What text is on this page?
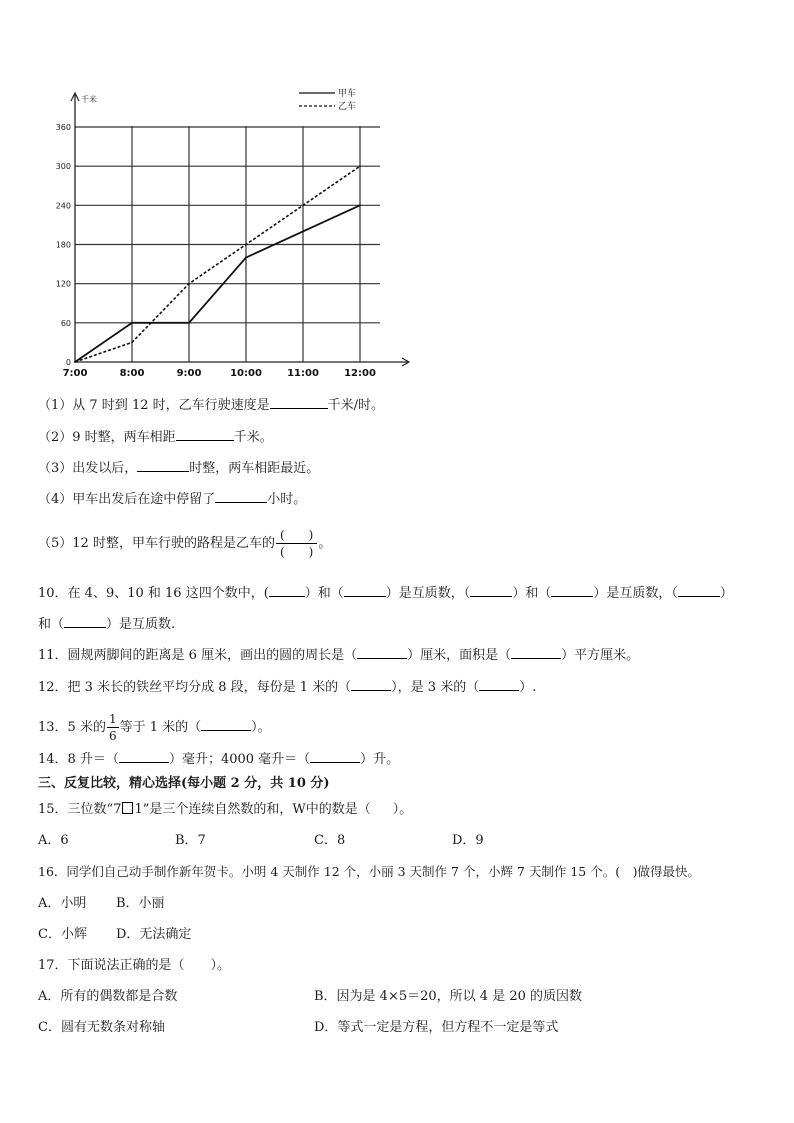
0
60
120
180
240
300
360
7:00	8:00	9:00	10:00	11:00	12:00
千米
甲车
乙车
（1）从 7 时到 12 时，乙车行驶速度是	千米/时。
（2）9 时整，两车相距	千米。
（3）出发以后，	时整，两车相距最近。
（4）甲车出发后在途中停留了	小时。
（5）12 时整，甲车行驶的路程是乙车的 $\frac{( )}{( )}$ 。
10．在 4、9、10 和 16 这四个数中，(	）和（	）是互质数，（	）和（	）是互质数，（	）
和（	）是互质数.
11．圆规两脚间的距离是 6 厘米，画出的圆的周长是（	）厘米，面积是（	）平方厘米。
12．把 3 米长的铁丝平均分成 8 段，每份是 1 米的（	），是 3 米的（	）.
13．5 米的 $\frac{1}{6}$ 等于 1 米的（	）。
14．8 升＝（	）毫升；4000 毫升＝（	）升。
三、反复比较，精心选择(每小题 2 分，共 10 分)
15．三位数“7 1”是三个连续自然数的和，W中的数是（ ）。
A．6	B．7	C．8	D．9
16．同学们自己动手制作新年贺卡。小明 4 天制作 12 个，小丽 3 天制作 7 个，小辉 7 天制作 15 个。(　)做得最快。
A．小明 B．小丽
C．小辉 D．无法确定
17．下面说法正确的是（　　）。
A．所有的偶数都是合数	B．因为是 4×5＝20，所以 4 是 20 的质因数
C．圆有无数条对称轴	D．等式一定是方程，但方程不一定是等式
